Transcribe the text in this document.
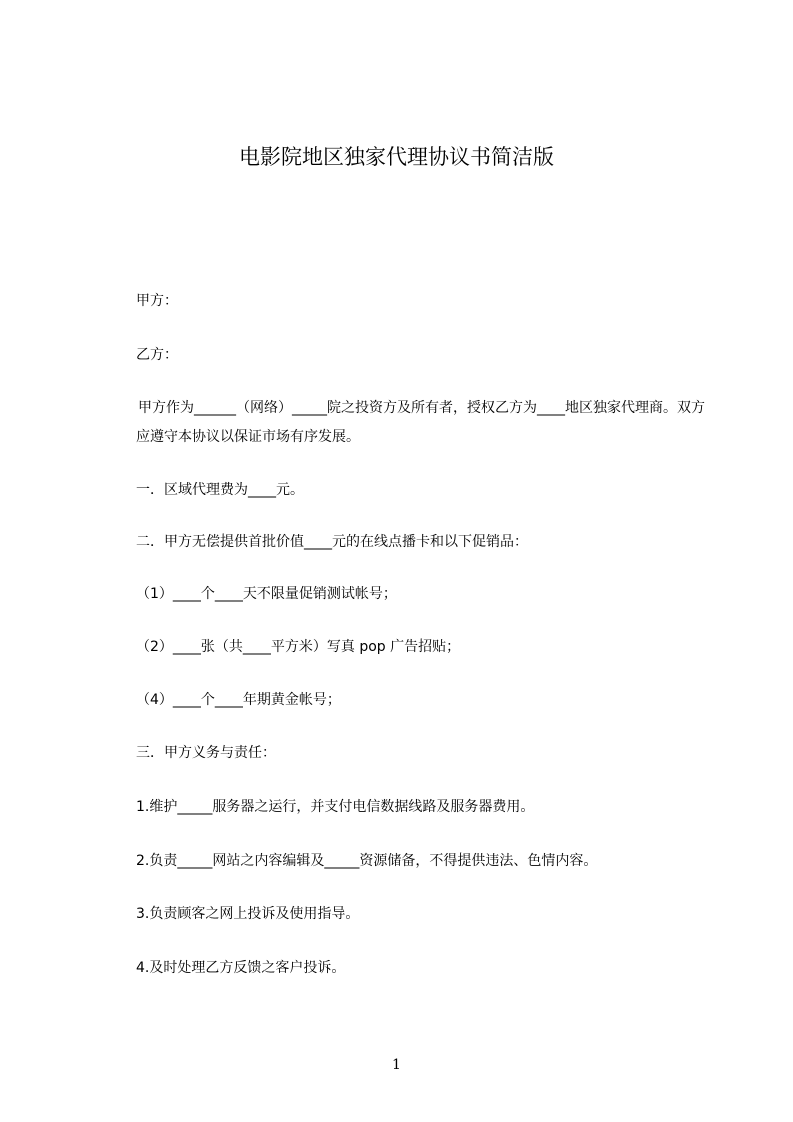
电影院地区独家代理协议书简洁版
甲方：
乙方：
甲方作为______（网络）_____院之投资方及所有者，授权乙方为____地区独家代理商。双方应遵守本协议以保证市场有序发展。
一．区域代理费为____元。
二．甲方无偿提供首批价值____元的在线点播卡和以下促销品：
（1）____个____天不限量促销测试帐号；
（2）____张（共____平方米）写真 pop 广告招贴；
（4）____个____年期黄金帐号；
三．甲方义务与责任：
1.维护_____服务器之运行，并支付电信数据线路及服务器费用。
2.负责_____网站之内容编辑及_____资源储备，不得提供违法、色情内容。
3.负责顾客之网上投诉及使用指导。
4.及时处理乙方反馈之客户投诉。
1
